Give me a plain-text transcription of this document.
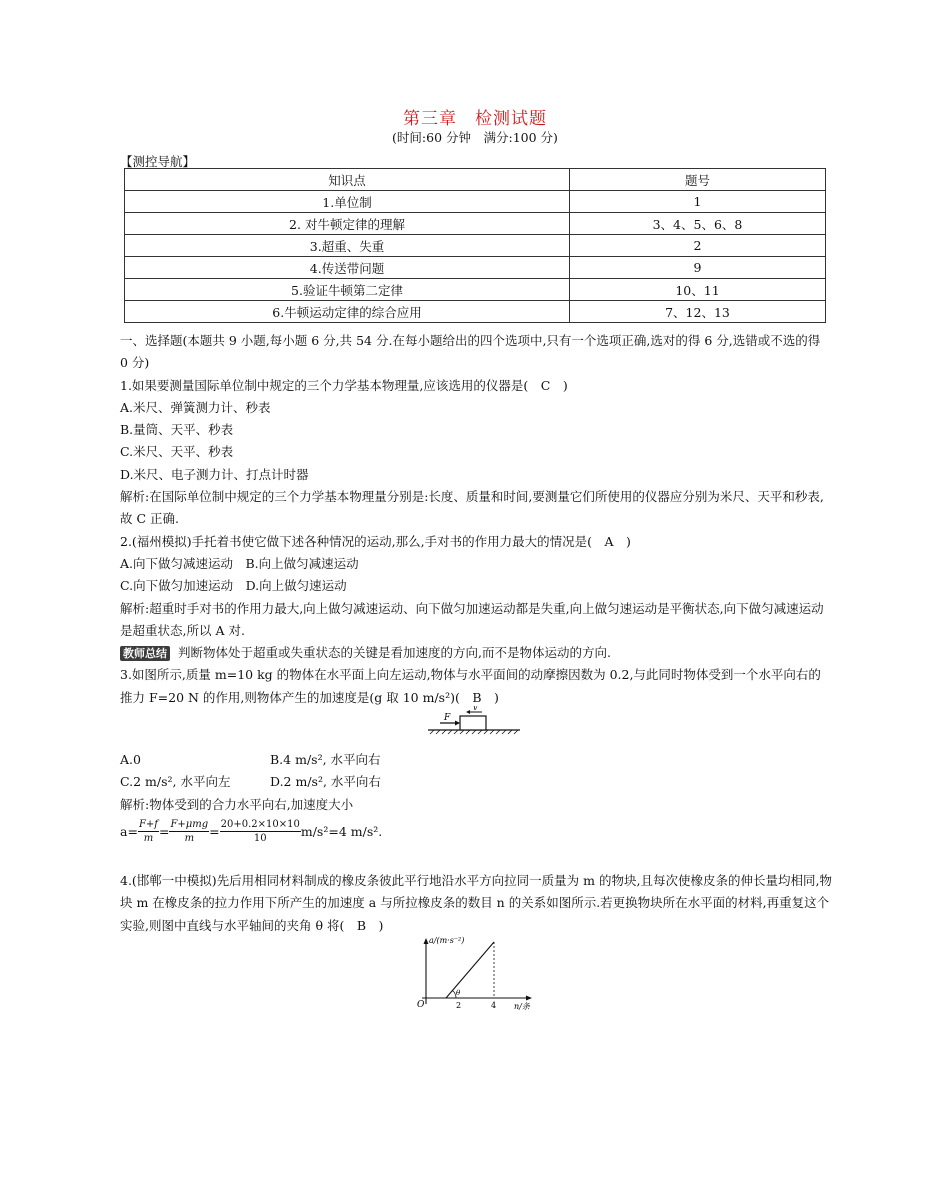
第三章　检测试题
(时间:60 分钟　满分:100 分)
【测控导航】
知识点	题号
1.单位制	1
2. 对牛顿定律的理解	3、4、5、6、8
3.超重、失重	2
4.传送带问题	9
5.验证牛顿第二定律	10、11
6.牛顿运动定律的综合应用	7、12、13

一、选择题(本题共 9 小题,每小题 6 分,共 54 分.在每小题给出的四个选项中,只有一个选项正确,选对的得 6 分,选错或不选的得 0 分)

1.如果要测量国际单位制中规定的三个力学基本物理量,应该选用的仪器是(　C　)

A.米尺、弹簧测力计、秒表

B.量筒、天平、秒表

C.米尺、天平、秒表

D.米尺、电子测力计、打点计时器

解析:在国际单位制中规定的三个力学基本物理量分别是:长度、质量和时间,要测量它们所使用的仪器应分别为米尺、天平和秒表,故 C 正确.

2.(福州模拟)手托着书使它做下述各种情况的运动,那么,手对书的作用力最大的情况是(　A　)

A.向下做匀减速运动　B.向上做匀减速运动

C.向下做匀加速运动　D.向上做匀速运动

解析:超重时手对书的作用力最大,向上做匀减速运动、向下做匀加速运动都是失重,向上做匀速运动是平衡状态,向下做匀减速运动是超重状态,所以 A 对.

教师总结 判断物体处于超重或失重状态的关键是看加速度的方向,而不是物体运动的方向.

3.如图所示,质量 m=10 kg 的物体在水平面上向左运动,物体与水平面间的动摩擦因数为 0.2,与此同时物体受到一个水平向右的推力 F=20 N 的作用,则物体产生的加速度是(g 取 10 m/s²)(　B　)

A.0	B.4 m/s², 水平向右

C.2 m/s², 水平向左	D.2 m/s², 水平向右

解析:物体受到的合力水平向右,加速度大小

F
v
$a= \frac{F+f}{m} = \frac{\text{F+μmg}}{m} = \frac{20+0.2\times 10\times 10}{10} m/s^2=4$ m/s².

4.(邯郸一中模拟)先后用相同材料制成的橡皮条彼此平行地沿水平方向拉同一质量为 m 的物块,且每次使橡皮条的伸长量均相同,物块 m 在橡皮条的拉力作用下所产生的加速度 a 与所拉橡皮条的数目 n 的关系如图所示.若更换物块所在水平面的材料,再重复这个实验,则图中直线与水平轴间的夹角 θ 将(　B　)

a/(m·s⁻²)
n/条
O	2	4
θ
